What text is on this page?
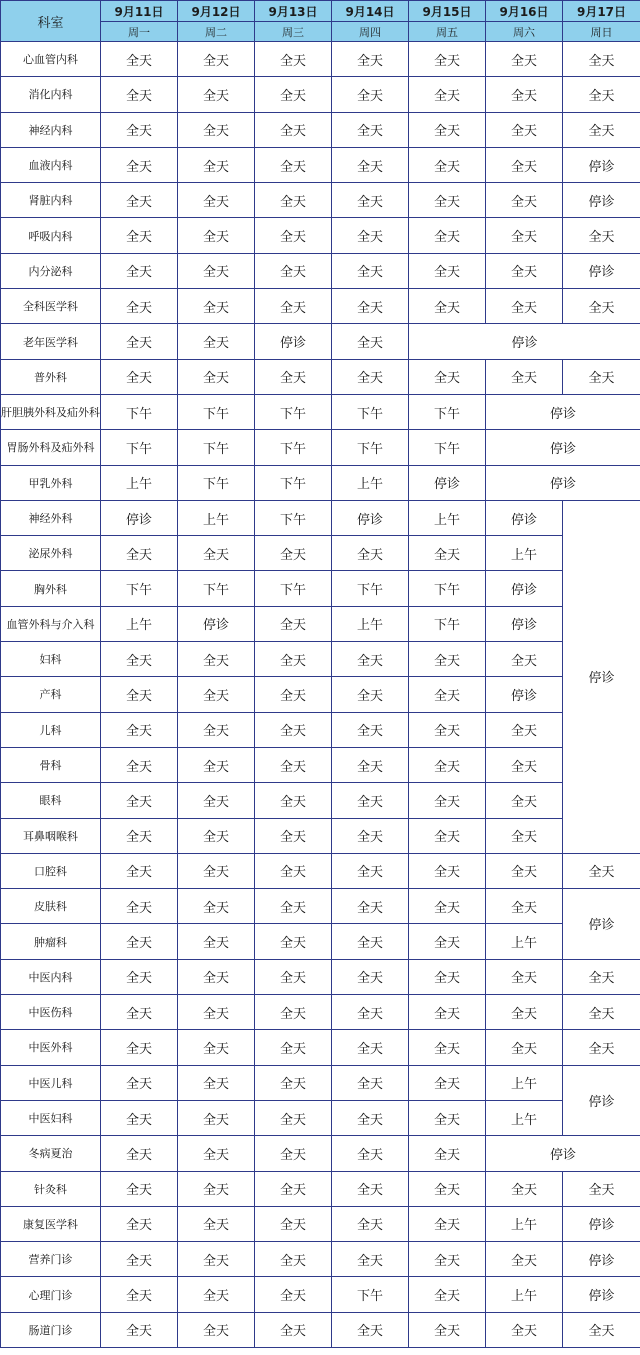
科室	9月11日	9月12日	9月13日	9月14日	9月15日	9月16日	9月17日
	周一	周二	周三	周四	周五	周六	周日
心血管内科	全天	全天	全天	全天	全天	全天	全天
消化内科	全天	全天	全天	全天	全天	全天	全天
神经内科	全天	全天	全天	全天	全天	全天	全天
血液内科	全天	全天	全天	全天	全天	全天	停诊
肾脏内科	全天	全天	全天	全天	全天	全天	停诊
呼吸内科	全天	全天	全天	全天	全天	全天	全天
内分泌科	全天	全天	全天	全天	全天	全天	停诊
全科医学科	全天	全天	全天	全天	全天	全天	全天
老年医学科	全天	全天	停诊	全天	停诊		
普外科	全天	全天	全天	全天	全天	全天	全天
肝胆胰外科及疝外科	下午	下午	下午	下午	下午	停诊	
胃肠外科及疝外科	下午	下午	下午	下午	下午	停诊	
甲乳外科	上午	下午	下午	上午	停诊	停诊	
神经外科	停诊	上午	下午	停诊	上午	停诊	停诊
泌尿外科	全天	全天	全天	全天	全天	上午	
胸外科	下午	下午	下午	下午	下午	停诊	
血管外科与介入科	上午	停诊	全天	上午	下午	停诊	
妇科	全天	全天	全天	全天	全天	全天	
产科	全天	全天	全天	全天	全天	停诊	
儿科	全天	全天	全天	全天	全天	全天	
骨科	全天	全天	全天	全天	全天	全天	
眼科	全天	全天	全天	全天	全天	全天	
耳鼻咽喉科	全天	全天	全天	全天	全天	全天	
口腔科	全天	全天	全天	全天	全天	全天	全天
皮肤科	全天	全天	全天	全天	全天	全天	停诊
肿瘤科	全天	全天	全天	全天	全天	上午	
中医内科	全天	全天	全天	全天	全天	全天	全天
中医伤科	全天	全天	全天	全天	全天	全天	全天
中医外科	全天	全天	全天	全天	全天	全天	全天
中医儿科	全天	全天	全天	全天	全天	上午	停诊
中医妇科	全天	全天	全天	全天	全天	上午	
冬病夏治	全天	全天	全天	全天	全天	停诊	
针灸科	全天	全天	全天	全天	全天	全天	全天
康复医学科	全天	全天	全天	全天	全天	上午	停诊
营养门诊	全天	全天	全天	全天	全天	全天	停诊
心理门诊	全天	全天	全天	下午	全天	上午	停诊
肠道门诊	全天	全天	全天	全天	全天	全天	全天
